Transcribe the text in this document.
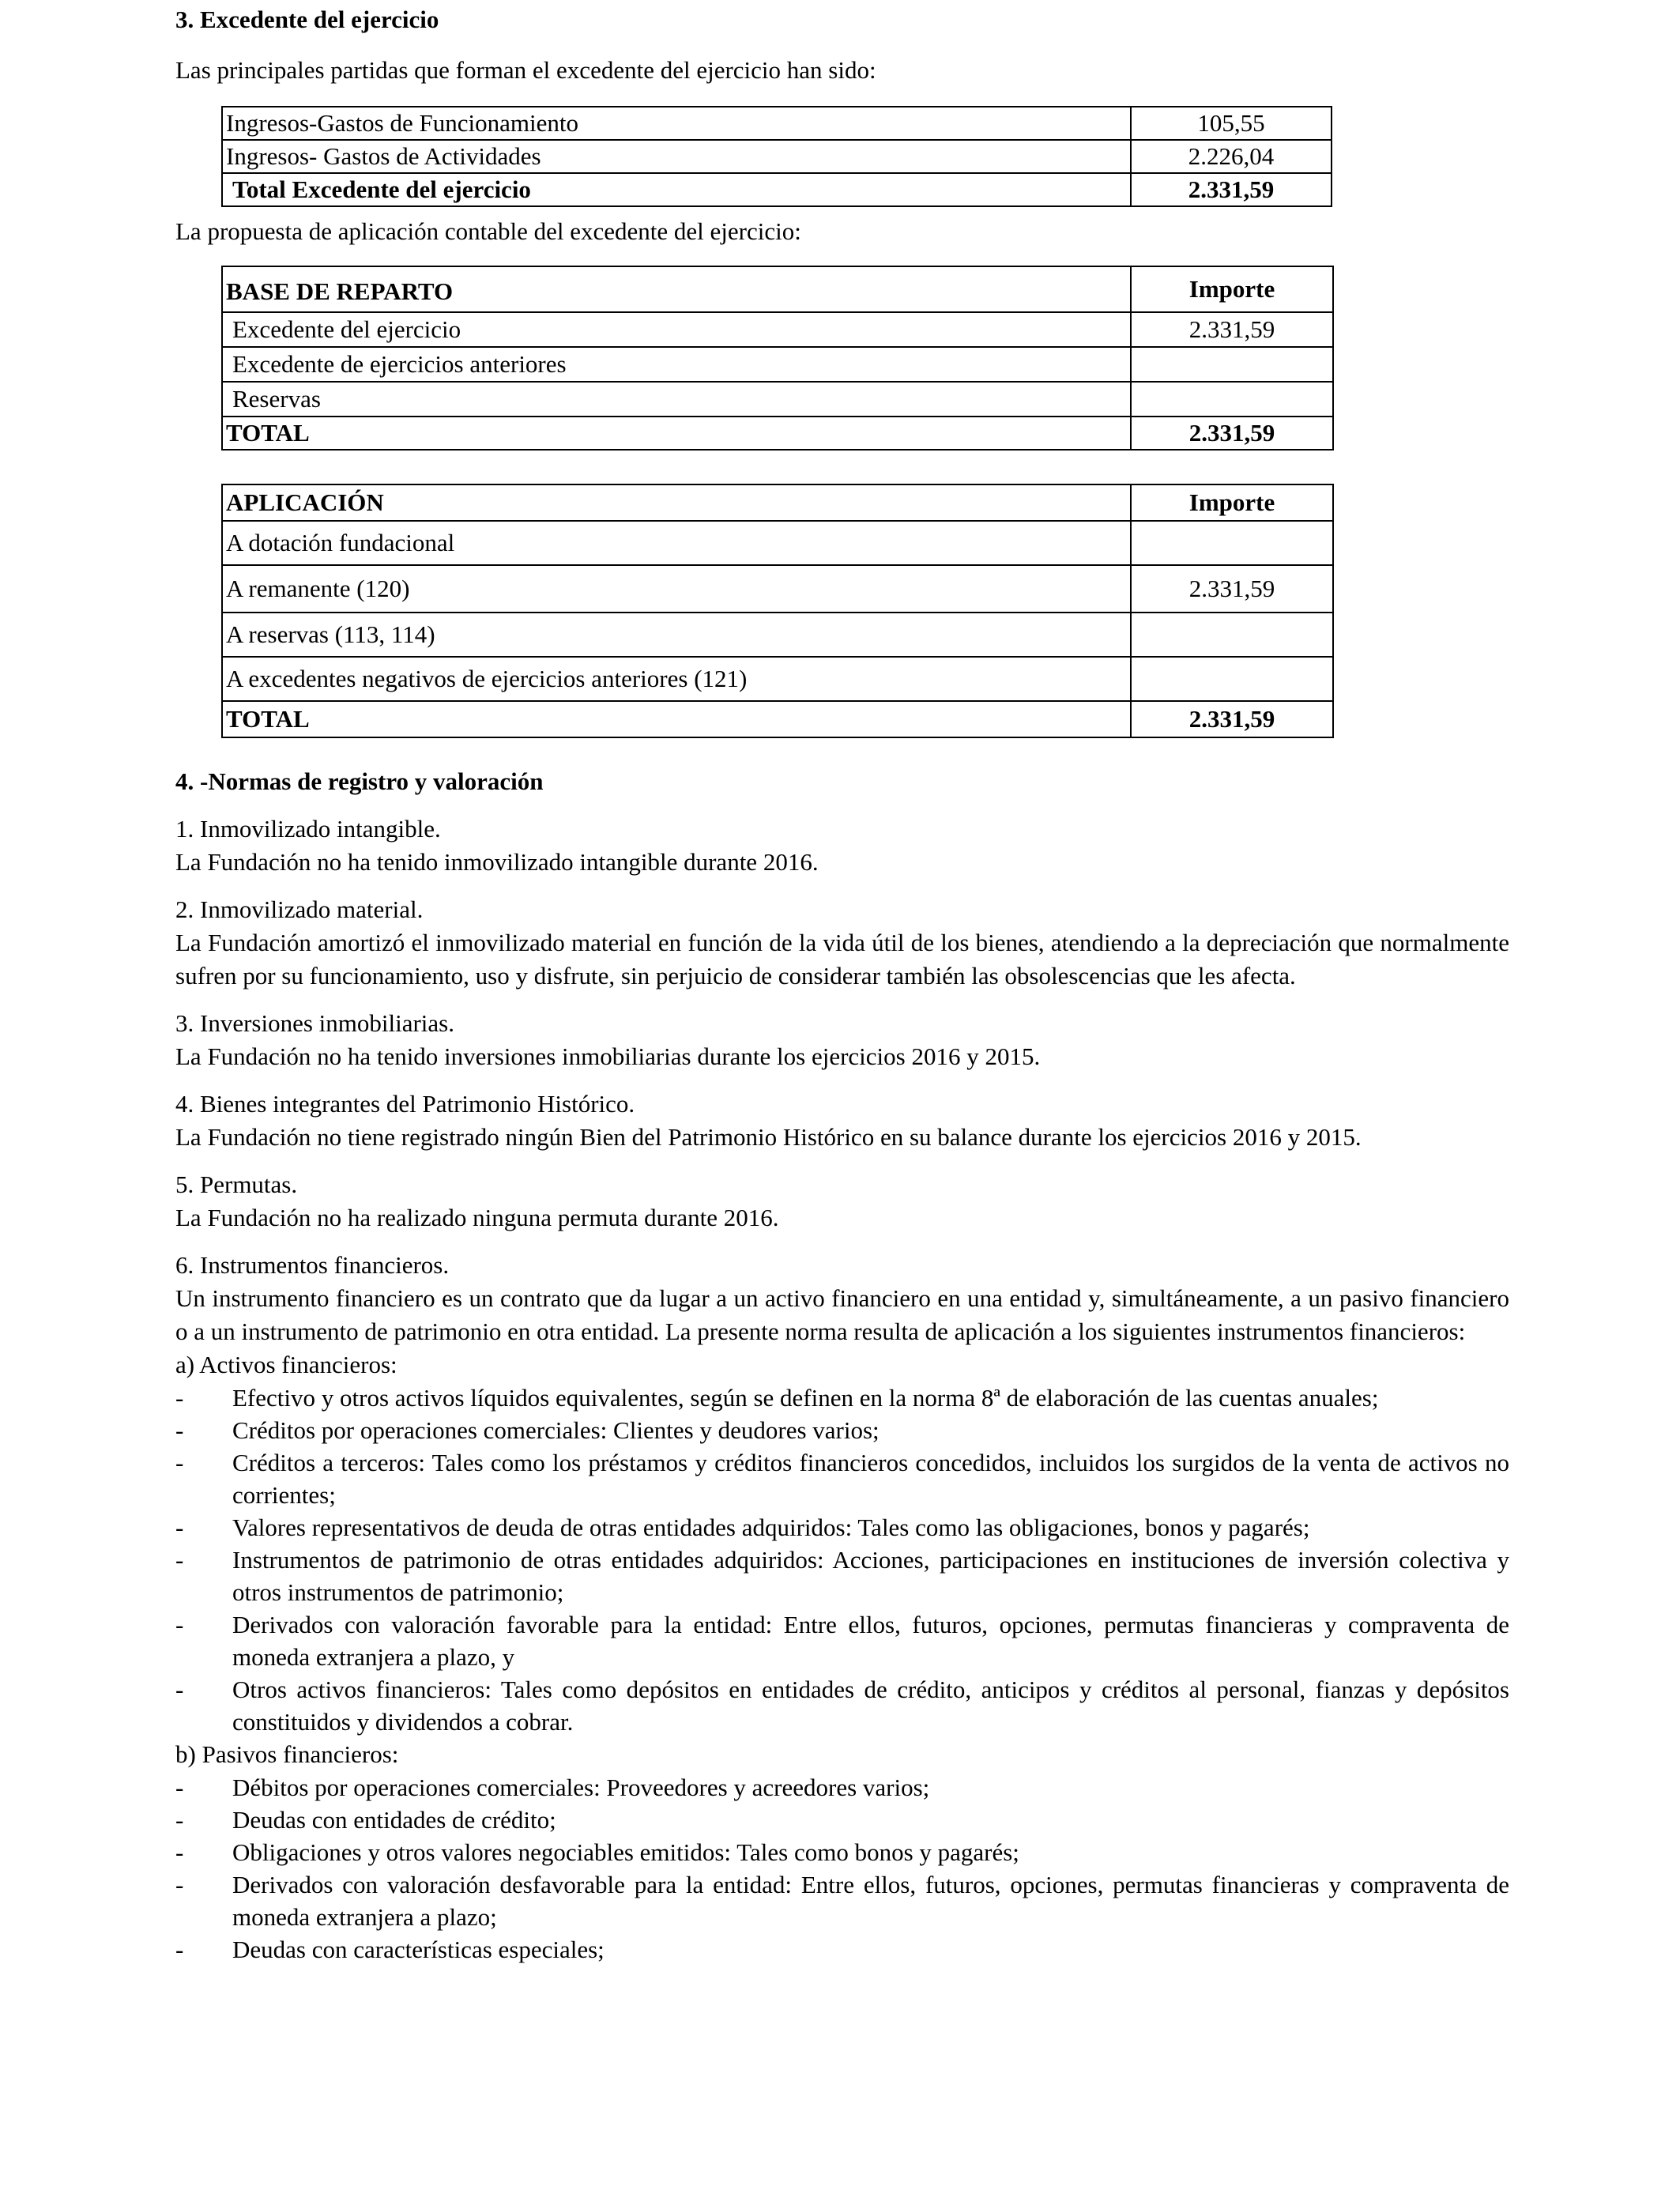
3. Excedente del ejercicio
Las principales partidas que forman el excedente del ejercicio han sido:
Ingresos-Gastos de Funcionamiento	105,55
Ingresos- Gastos de Actividades	2.226,04
Total Excedente del ejercicio	2.331,59
La propuesta de aplicación contable del excedente del ejercicio:
BASE DE REPARTO	Importe
Excedente del ejercicio	2.331,59
Excedente de ejercicios anteriores	
Reservas	
TOTAL	2.331,59
APLICACIÓN	Importe
A dotación fundacional	
A remanente (120)	2.331,59
A reservas (113, 114)	
A excedentes negativos de ejercicios anteriores (121)	
TOTAL	2.331,59
4. -Normas de registro y valoración
1. Inmovilizado intangible.
La Fundación no ha tenido inmovilizado intangible durante 2016.
2. Inmovilizado material.
La Fundación amortizó el inmovilizado material en función de la vida útil de los bienes, atendiendo a la depreciación que normalmente sufren por su funcionamiento, uso y disfrute, sin perjuicio de considerar también las obsolescencias que les afecta.
3. Inversiones inmobiliarias.
La Fundación no ha tenido inversiones inmobiliarias durante los ejercicios 2016 y 2015.
4. Bienes integrantes del Patrimonio Histórico.
La Fundación no tiene registrado ningún Bien del Patrimonio Histórico en su balance durante los ejercicios 2016 y 2015.
5. Permutas.
La Fundación no ha realizado ninguna permuta durante 2016.
6. Instrumentos financieros.
Un instrumento financiero es un contrato que da lugar a un activo financiero en una entidad y, simultáneamente, a un pasivo financiero o a un instrumento de patrimonio en otra entidad. La presente norma resulta de aplicación a los siguientes instrumentos financieros:
a) Activos financieros:
-	Efectivo y otros activos líquidos equivalentes, según se definen en la norma 8ª de elaboración de las cuentas anuales;
-	Créditos por operaciones comerciales: Clientes y deudores varios;
-	Créditos a terceros: Tales como los préstamos y créditos financieros concedidos, incluidos los surgidos de la venta de activos no corrientes;
-	Valores representativos de deuda de otras entidades adquiridos: Tales como las obligaciones, bonos y pagarés;
-	Instrumentos de patrimonio de otras entidades adquiridos: Acciones, participaciones en instituciones de inversión colectiva y otros instrumentos de patrimonio;
-	Derivados con valoración favorable para la entidad: Entre ellos, futuros, opciones, permutas financieras y compraventa de moneda extranjera a plazo, y
-	Otros activos financieros: Tales como depósitos en entidades de crédito, anticipos y créditos al personal, fianzas y depósitos constituidos y dividendos a cobrar.
b) Pasivos financieros:
-	Débitos por operaciones comerciales: Proveedores y acreedores varios;
-	Deudas con entidades de crédito;
-	Obligaciones y otros valores negociables emitidos: Tales como bonos y pagarés;
-	Derivados con valoración desfavorable para la entidad: Entre ellos, futuros, opciones, permutas financieras y compraventa de moneda extranjera a plazo;
-	Deudas con características especiales;
